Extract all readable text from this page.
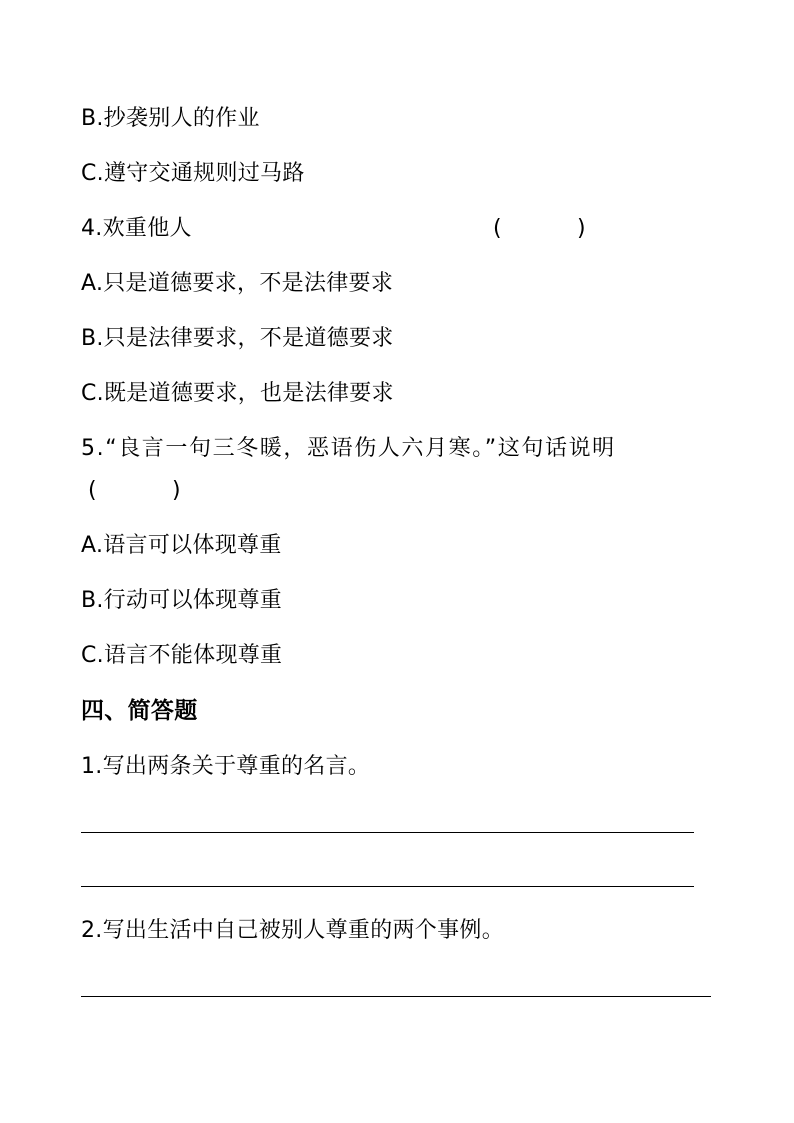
B.抄袭别人的作业
C.遵守交通规则过马路
4.欢重他人	(	)
A.只是道德要求，不是法律要求
B.只是法律要求，不是道德要求
C.既是道德要求，也是法律要求
5.“良言一句三冬暖，恶语伤人六月寒。”这句话说明
(	)
A.语言可以体现尊重
B.行动可以体现尊重
C.语言不能体现尊重
四、简答题
1.写出两条关于尊重的名言。
2.写出生活中自己被别人尊重的两个事例。
